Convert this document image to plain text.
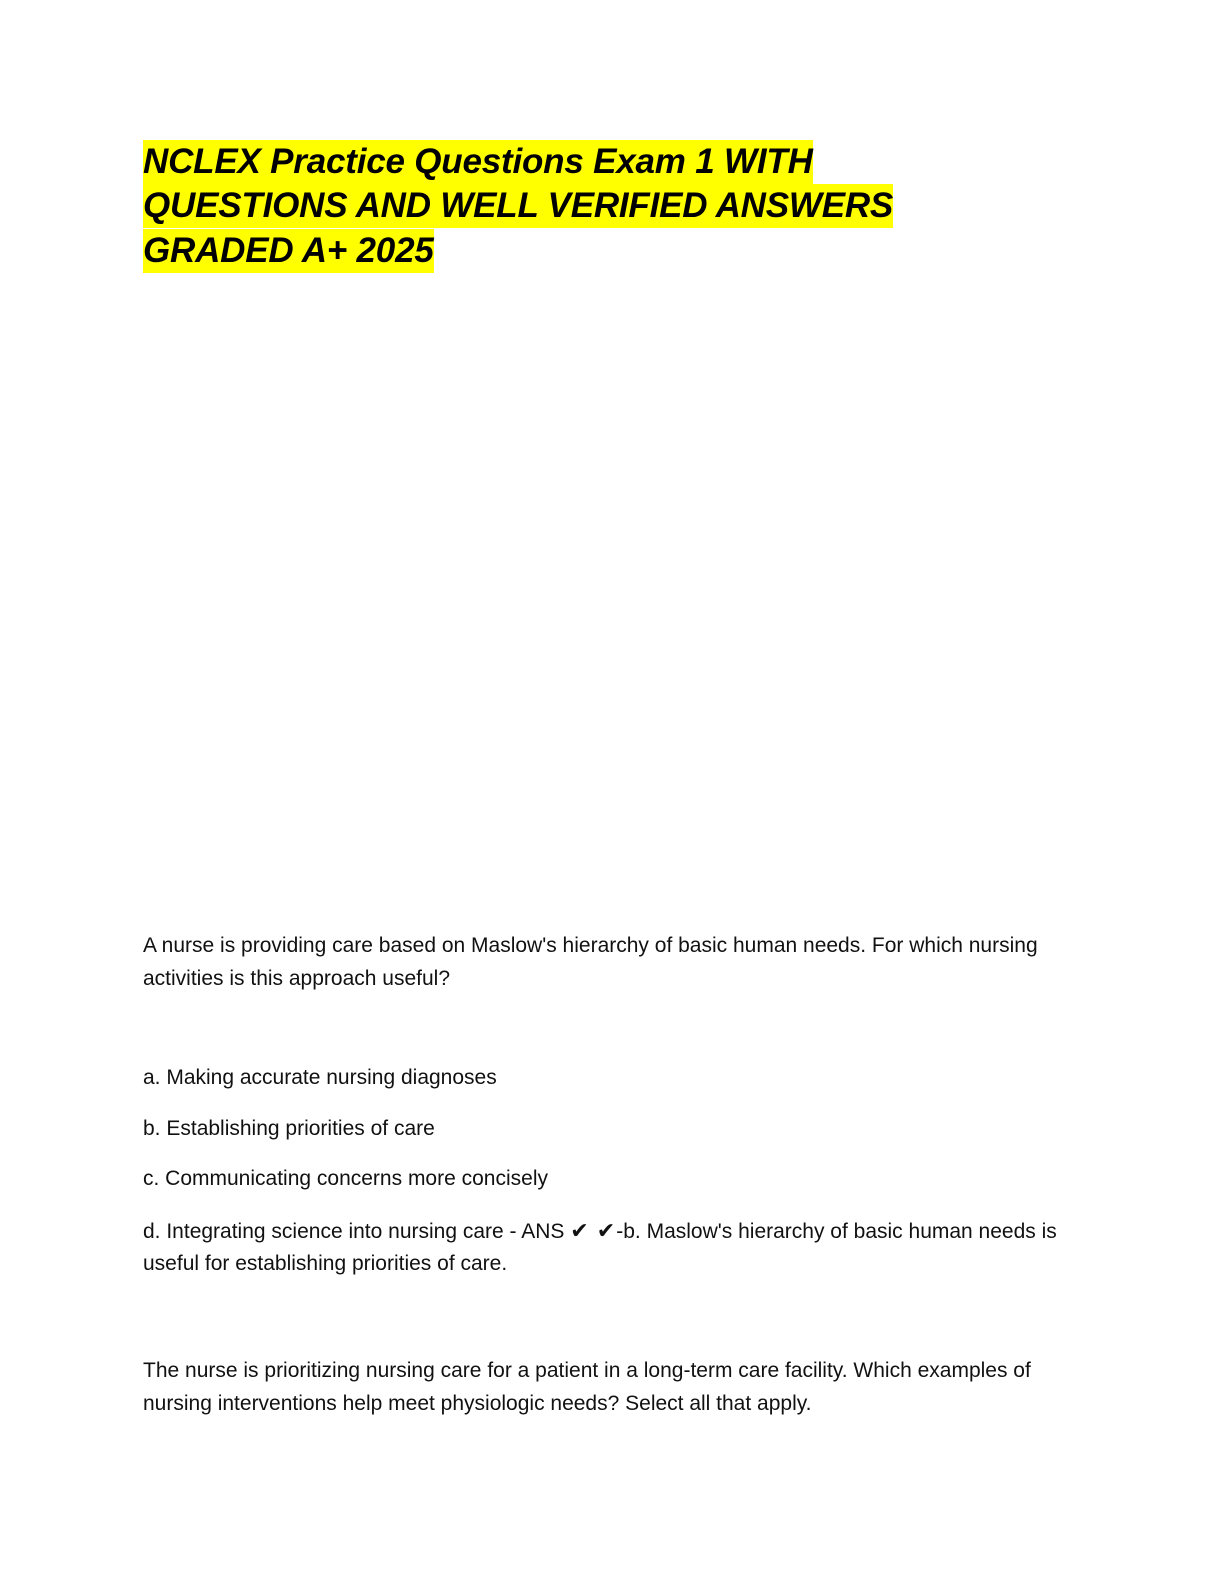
NCLEX Practice Questions Exam 1 WITH
QUESTIONS AND WELL VERIFIED ANSWERS
GRADED A+ 2025

A nurse is providing care based on Maslow's hierarchy of basic human needs. For which nursing activities is this approach useful?

a. Making accurate nursing diagnoses

b. Establishing priorities of care

c. Communicating concerns more concisely

d. Integrating science into nursing care - ANS ✔ ✔-b. Maslow's hierarchy of basic human needs is useful for establishing priorities of care.

The nurse is prioritizing nursing care for a patient in a long-term care facility. Which examples of nursing interventions help meet physiologic needs? Select all that apply.
